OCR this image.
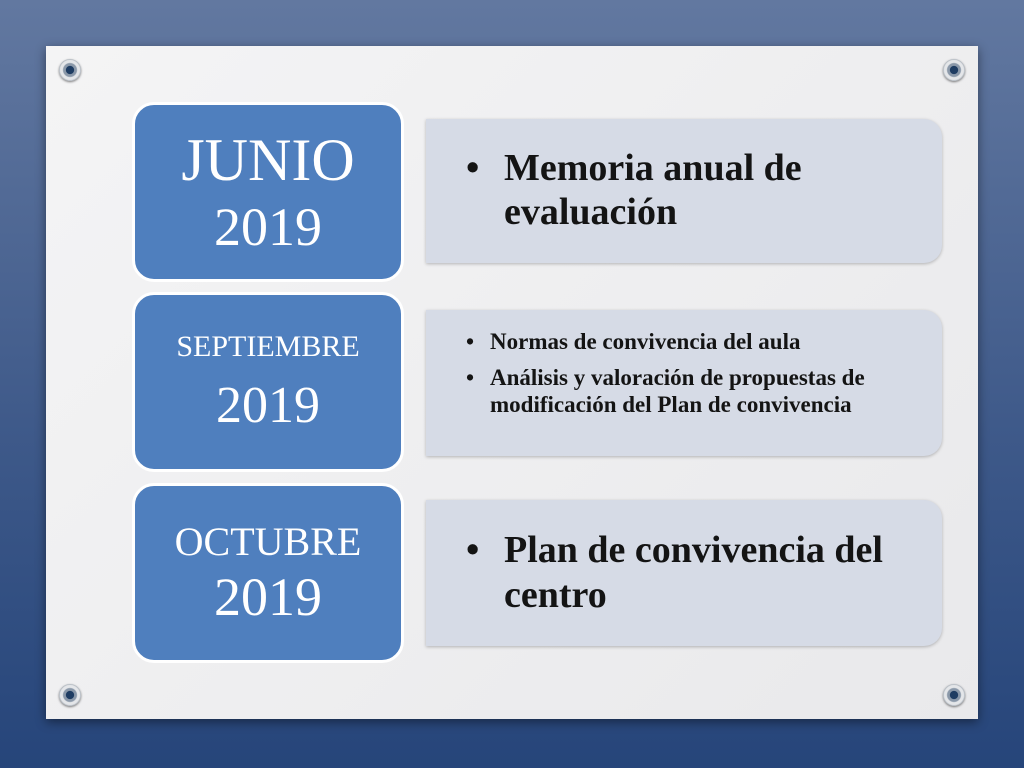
• Memoria anual de evaluación
JUNIO
2019
• Normas de convivencia del aula
• Análisis y valoración de propuestas de modificación del Plan de convivencia
SEPTIEMBRE
2019
• Plan de convivencia del centro
OCTUBRE
2019
